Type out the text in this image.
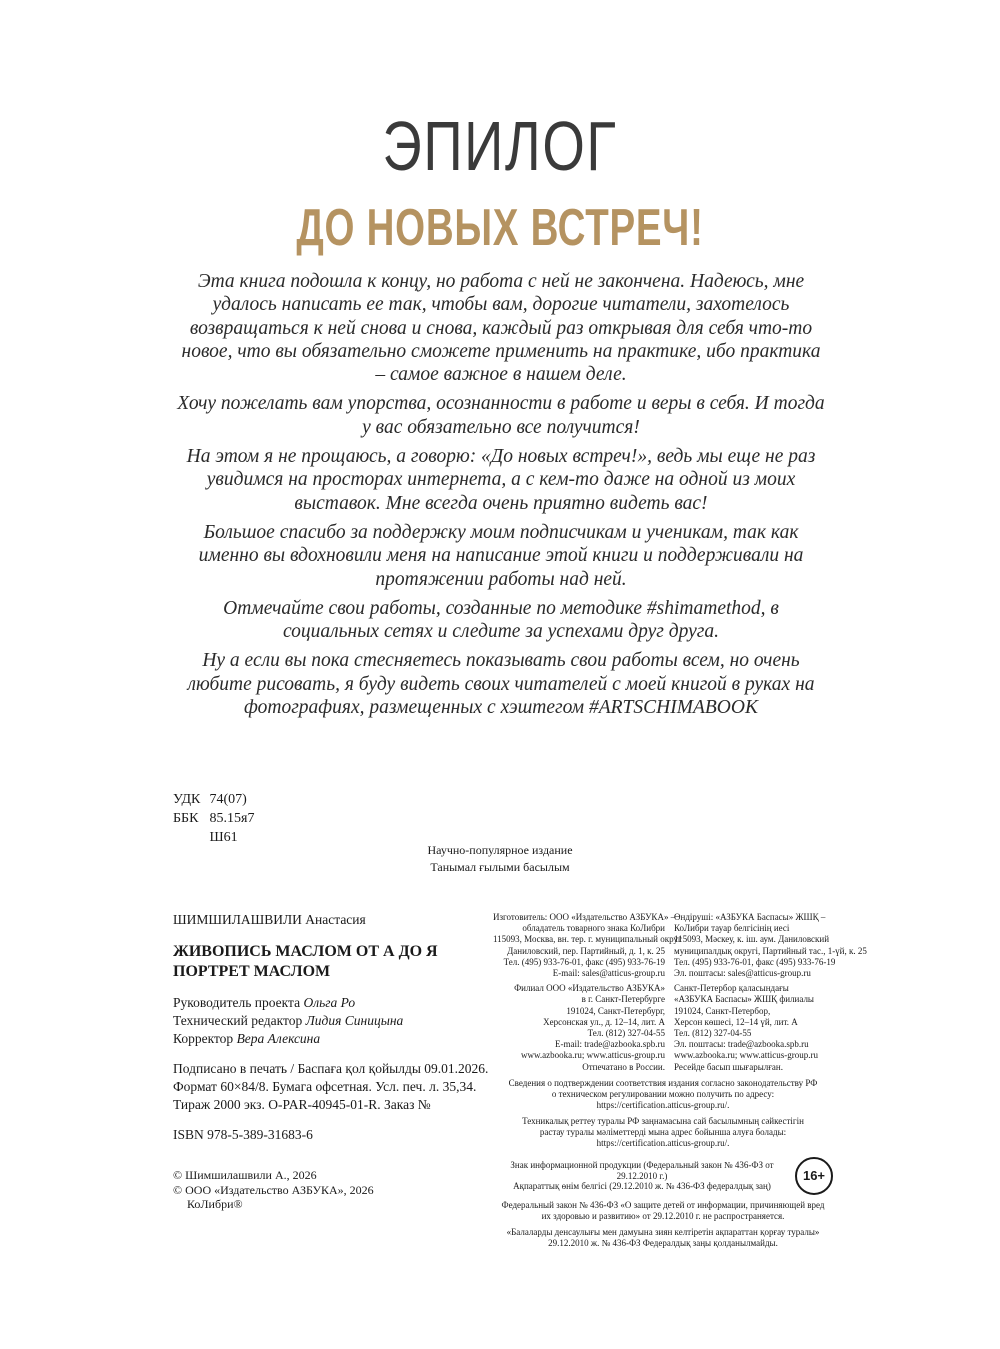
ЭПИЛОГ
ДО НОВЫХ ВСТРЕЧ!

Эта книга подошла к концу, но работа с ней не закончена. Надеюсь, мне удалось написать ее так, чтобы вам, дорогие читатели, захотелось возвращаться к ней снова и снова, каждый раз открывая для себя что-то новое, что вы обязательно сможете применить на практике, ибо практика – самое важное в нашем деле.

Хочу пожелать вам упорства, осознанности в работе и веры в себя. И тогда у вас обязательно все получится!

На этом я не прощаюсь, а говорю: «До новых встреч!», ведь мы еще не раз увидимся на просторах интернета, а с кем-то даже на одной из моих выставок. Мне всегда очень приятно видеть вас!

Большое спасибо за поддержку моим подписчикам и ученикам, так как именно вы вдохновили меня на написание этой книги и поддерживали на протяжении работы над ней.

Отмечайте свои работы, созданные по методике #shimamethod, в социальных сетях и следите за успехами друг друга.

Ну а если вы пока стесняетесь показывать свои работы всем, но очень любите рисовать, я буду видеть своих читателей с моей книгой в руках на фотографиях, размещенных с хэштегом #ARTSCHIMABOOK

УДК
74(07)
ББК
85.15я7

Ш61
Научно-популярное издание
Танымал ғылыми басылым
ШИМШИЛАШВИЛИ Анастасия
ЖИВОПИСЬ МАСЛОМ ОТ А ДО Я
ПОРТРЕТ МАСЛОМ
Руководитель проекта Ольга Ро
Технический редактор Лидия Синицына
Корректор Вера Алексина
Подписано в печать / Баспаға қол қойылды 09.01.2026.
Формат 60×84/8. Бумага офсетная. Усл. печ. л. 35,34.
Тираж 2000 экз. O-PAR-40945-01-R. Заказ №
ISBN 978-5-389-31683-6
© Шимшилашвили А., 2026
© ООО «Издательство АЗБУКА», 2026
КоЛибри®
Изготовитель: ООО «Издательство АЗБУКА» –
обладатель товарного знака КоЛибри
115093, Москва, вн. тер. г. муниципальный округ
Даниловский, пер. Партийный, д. 1, к. 25
Тел. (495) 933-76-01, факс (495) 933-76-19
E-mail: sales@atticus-group.ru
Филиал ООО «Издательство АЗБУКА»
в г. Санкт-Петербурге
191024, Санкт-Петербург,
Херсонская ул., д. 12–14, лит. А
Тел. (812) 327-04-55
E-mail: trade@azbooka.spb.ru
www.azbooka.ru; www.atticus-group.ru
Отпечатано в России.
Өндіруші: «АЗБУКА Баспасы» ЖШҚ –
КоЛибри тауар белгісінің иесі
115093, Мәскеу, к. іш. аум. Даниловский
муниципалдық округі, Партийный тас., 1-үй, к. 25
Тел. (495) 933-76-01, факс (495) 933-76-19
Эл. поштасы: sales@atticus-group.ru
Санкт-Петербор қаласындағы
«АЗБУКА Баспасы» ЖШҚ филиалы
191024, Санкт-Петербор,
Херсон көшесі, 12–14 үй, лит. А
Тел. (812) 327-04-55
Эл. поштасы: trade@azbooka.spb.ru
www.azbooka.ru; www.atticus-group.ru
Ресейде басып шығарылған.
Сведения о подтверждении соответствия издания согласно законодательству РФ
о техническом регулировании можно получить по адресу:
https://certification.atticus-group.ru/.
Техникалық реттеу туралы РФ заңнамасына сай басылымның сәйкестігін
растау туралы мәліметтерді мына адрес бойынша алуға болады:
https://certification.atticus-group.ru/.
Знак информационной продукции (Федеральный закон № 436-ФЗ от 29.12.2010 г.)
Ақпараттық өнім белгісі (29.12.2010 ж. № 436-ФЗ федералдық заң)
16+
Федеральный закон № 436-ФЗ «О защите детей от информации, причиняющей вред
их здоровью и развитию» от 29.12.2010 г. не распространяется.
«Балаларды денсаулығы мен дамуына зиян келтіретін ақпараттан қорғау туралы»
29.12.2010 ж. № 436-ФЗ Федералдық заңы қолданылмайды.
